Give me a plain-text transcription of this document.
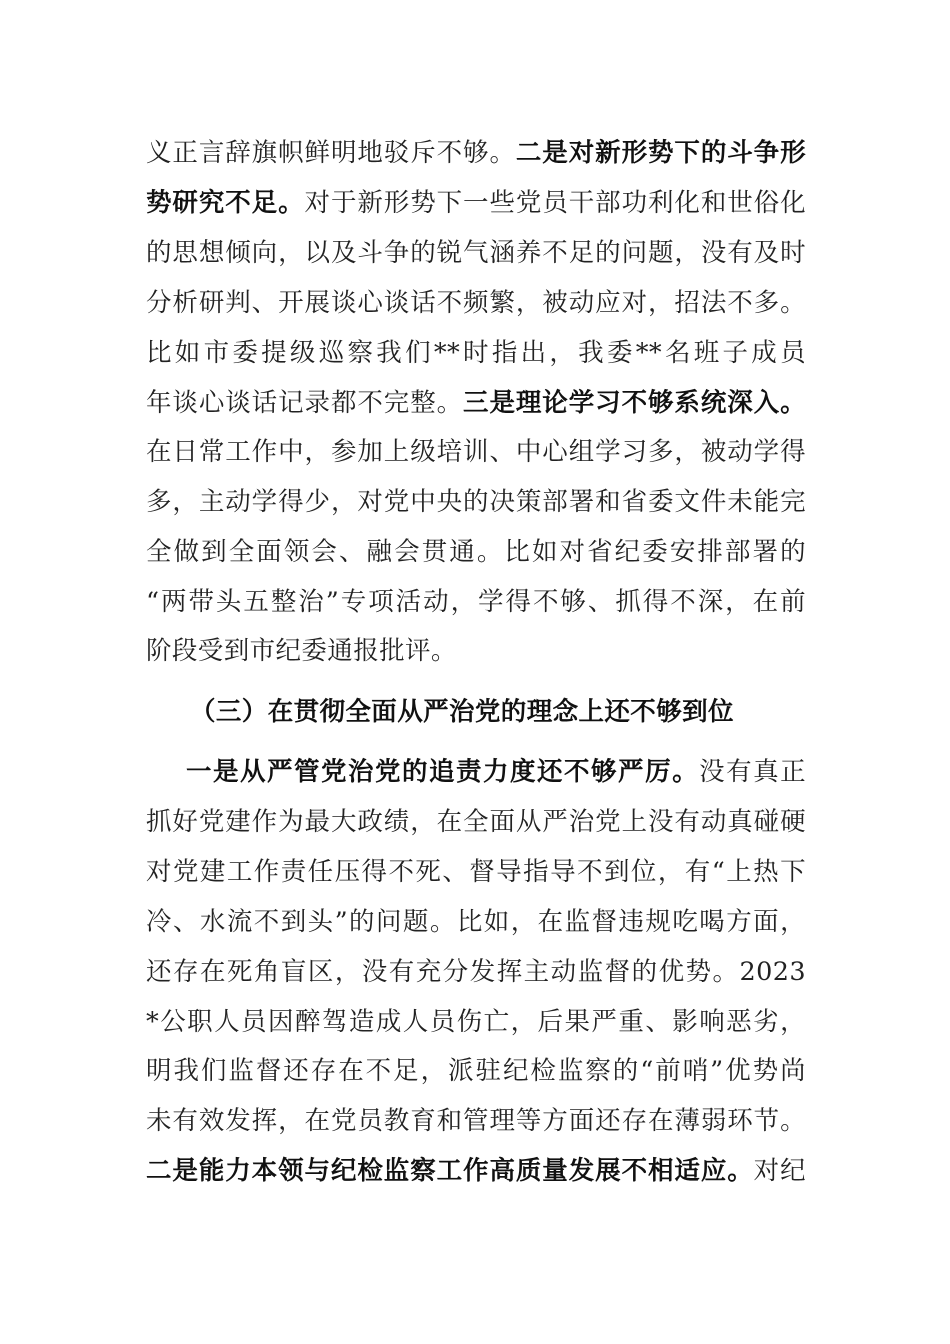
义正言辞旗帜鲜明地驳斥不够。二是对新形势下的斗争形
势研究不足。对于新形势下一些党员干部功利化和世俗化
的思想倾向，以及斗争的锐气涵养不足的问题，没有及时
分析研判、开展谈心谈话不频繁，被动应对，招法不多。
比如市委提级巡察我们**时指出，我委**名班子成员
年谈心谈话记录都不完整。三是理论学习不够系统深入。
在日常工作中，参加上级培训、中心组学习多，被动学得
多，主动学得少，对党中央的决策部署和省委文件未能完
全做到全面领会、融会贯通。比如对省纪委安排部署的
“两带头五整治”专项活动，学得不够、抓得不深，在前
阶段受到市纪委通报批评。
（三）在贯彻全面从严治党的理念上还不够到位
一是从严管党治党的追责力度还不够严厉。没有真正
抓好党建作为最大政绩，在全面从严治党上没有动真碰硬
对党建工作责任压得不死、督导指导不到位，有“上热下
冷、水流不到头”的问题。比如，在监督违规吃喝方面，
还存在死角盲区，没有充分发挥主动监督的优势。2023
*公职人员因醉驾造成人员伤亡，后果严重、影响恶劣，
明我们监督还存在不足，派驻纪检监察的“前哨”优势尚
未有效发挥，在党员教育和管理等方面还存在薄弱环节。
二是能力本领与纪检监察工作高质量发展不相适应。对纪
